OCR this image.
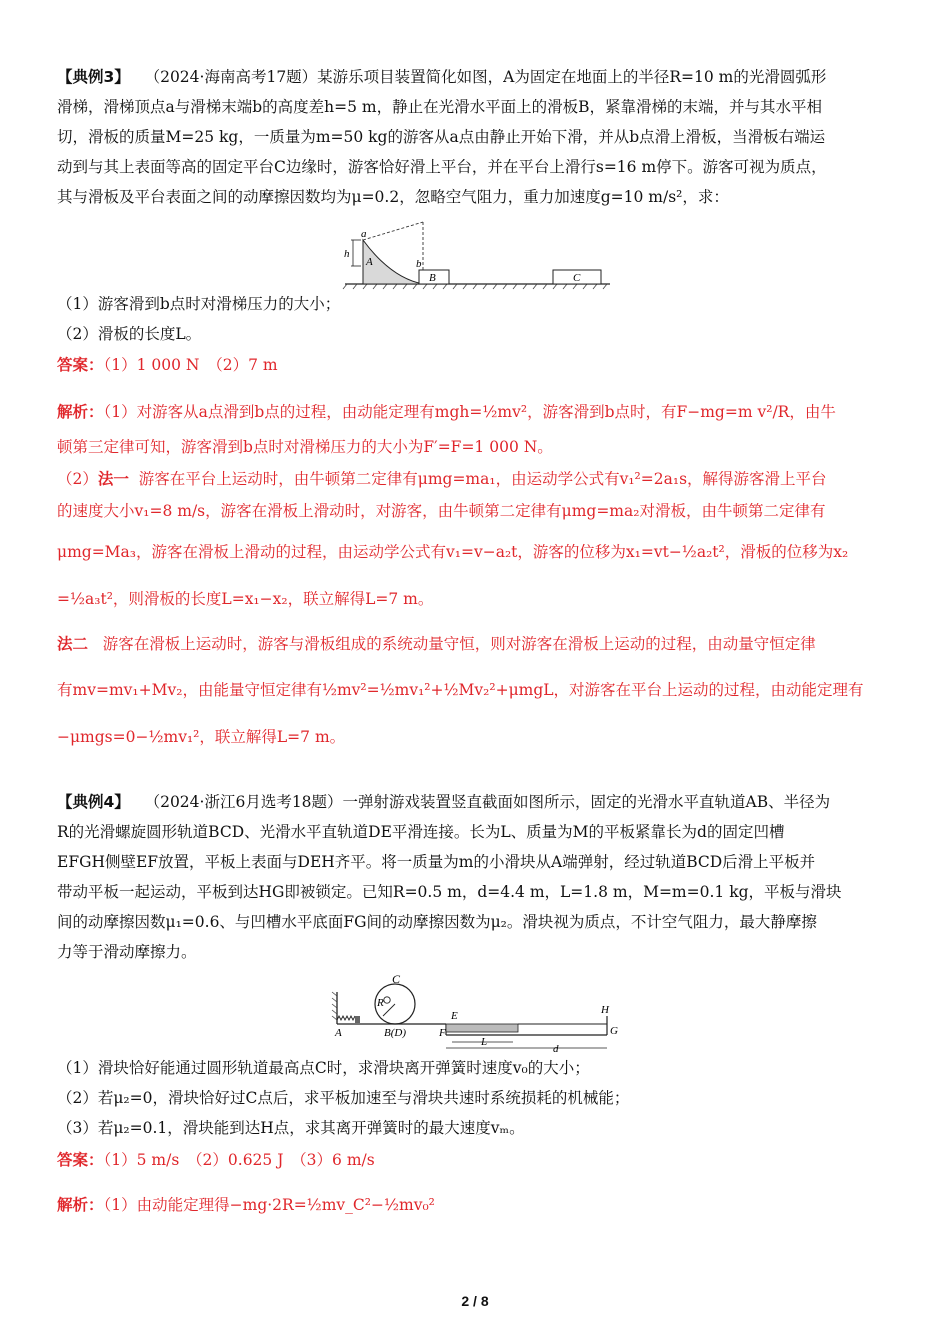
【典例3】 （2024·海南高考17题）某游乐项目装置简化如图，A为固定在地面上的半径R=10 m的光滑圆弧形
滑梯，滑梯顶点a与滑梯末端b的高度差h=5 m，静止在光滑水平面上的滑板B，紧靠滑梯的末端，并与其水平相
切，滑板的质量M=25 kg，一质量为m=50 kg的游客从a点由静止开始下滑，并从b点滑上滑板，当滑板右端运
动到与其上表面等高的固定平台C边缘时，游客恰好滑上平台，并在平台上滑行s=16 m停下。游客可视为质点，
其与滑板及平台表面之间的动摩擦因数均为μ=0.2，忽略空气阻力，重力加速度g=10 m/s²，求：
a
h
A	b
B	C
（1）游客滑到b点时对滑梯压力的大小；
（2）滑板的长度L。
答案：（1）1 000 N　（2）7 m
解析：（1）对游客从a点滑到b点的过程，由动能定理有mgh=½mv²，游客滑到b点时，有F−mg=m v²/R，由牛
顿第三定律可知，游客滑到b点时对滑梯压力的大小为F′=F=1 000 N。
（2）法一 游客在平台上运动时，由牛顿第二定律有μmg=ma₁，由运动学公式有v₁²=2a₁s，解得游客滑上平台
的速度大小v₁=8 m/s，游客在滑板上滑动时，对游客，由牛顿第二定律有μmg=ma₂对滑板，由牛顿第二定律有
μmg=Ma₃，游客在滑板上滑动的过程，由运动学公式有v₁=v−a₂t，游客的位移为x₁=vt−½a₂t²，滑板的位移为x₂
=½a₃t²，则滑板的长度L=x₁−x₂，联立解得L=7 m。
法二 游客在滑板上运动时，游客与滑板组成的系统动量守恒，则对游客在滑板上运动的过程，由动量守恒定律
有mv=mv₁+Mv₂，由能量守恒定律有½mv²=½mv₁²+½Mv₂²+μmgL，对游客在平台上运动的过程，由动能定理有
−μmgs=0−½mv₁²，联立解得L=7 m。
【典例4】 （2024·浙江6月选考18题）一弹射游戏装置竖直截面如图所示，固定的光滑水平直轨道AB、半径为
R的光滑螺旋圆形轨道BCD、光滑水平直轨道DE平滑连接。长为L、质量为M的平板紧靠长为d的固定凹槽
EFGH侧壁EF放置，平板上表面与DEH齐平。将一质量为m的小滑块从A端弹射，经过轨道BCD后滑上平板并
带动平板一起运动，平板到达HG即被锁定。已知R=0.5 m，d=4.4 m，L=1.8 m，M=m=0.1 kg，平板与滑块
间的动摩擦因数μ₁=0.6、与凹槽水平底面FG间的动摩擦因数为μ₂。滑块视为质点，不计空气阻力，最大静摩擦
力等于滑动摩擦力。
C
R
A	B(D)
E
F
L
d
H
G
（1）滑块恰好能通过圆形轨道最高点C时，求滑块离开弹簧时速度v₀的大小；
（2）若μ₂=0，滑块恰好过C点后，求平板加速至与滑块共速时系统损耗的机械能；
（3）若μ₂=0.1，滑块能到达H点，求其离开弹簧时的最大速度vₘ。
答案：（1）5 m/s　（2）0.625 J　（3）6 m/s
解析：（1）由动能定理得−mg·2R=½mv_C²−½mv₀²
2 / 8
